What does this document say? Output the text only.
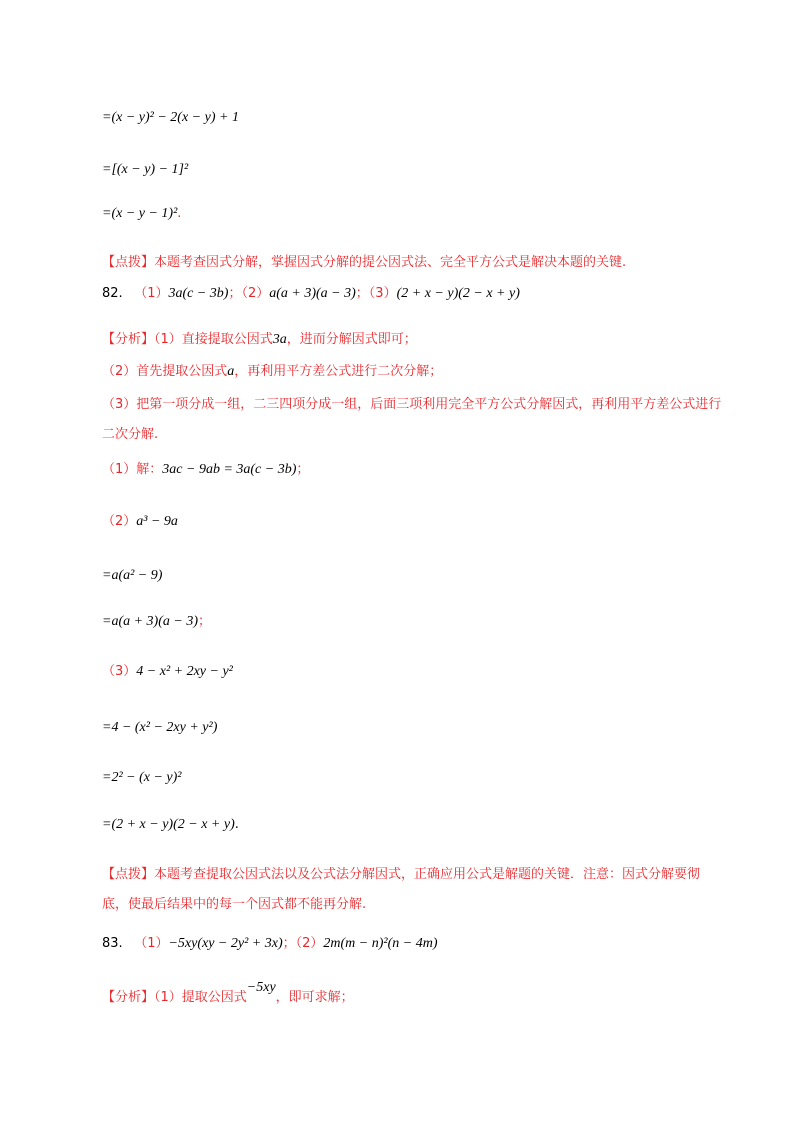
=(x − y)² − 2(x − y) + 1
=[(x − y) − 1]²
=(x − y − 1)².
【点拨】本题考查因式分解，掌握因式分解的提公因式法、完全平方公式是解决本题的关键.
82. （1）3a(c − 3b)；（2）a(a + 3)(a − 3)；（3）(2 + x − y)(2 − x + y)
【分析】（1）直接提取公因式3a，进而分解因式即可；
（2）首先提取公因式a，再利用平方差公式进行二次分解；
（3）把第一项分成一组，二三四项分成一组，后面三项利用完全平方公式分解因式，再利用平方差公式进行二次分解.
（1）解：3ac − 9ab = 3a(c − 3b)；
（2）a³ − 9a
=a(a² − 9)
=a(a + 3)(a − 3)；
（3）4 − x² + 2xy − y²
=4 − (x² − 2xy + y²)
=2² − (x − y)²
=(2 + x − y)(2 − x + y).
【点拨】本题考查提取公因式法以及公式法分解因式，正确应用公式是解题的关键．注意：因式分解要彻底，使最后结果中的每一个因式都不能再分解.
83. （1）−5xy(xy − 2y² + 3x)；（2）2m(m − n)²(n − 4m)
【分析】（1）提取公因式−5xy，即可求解；
